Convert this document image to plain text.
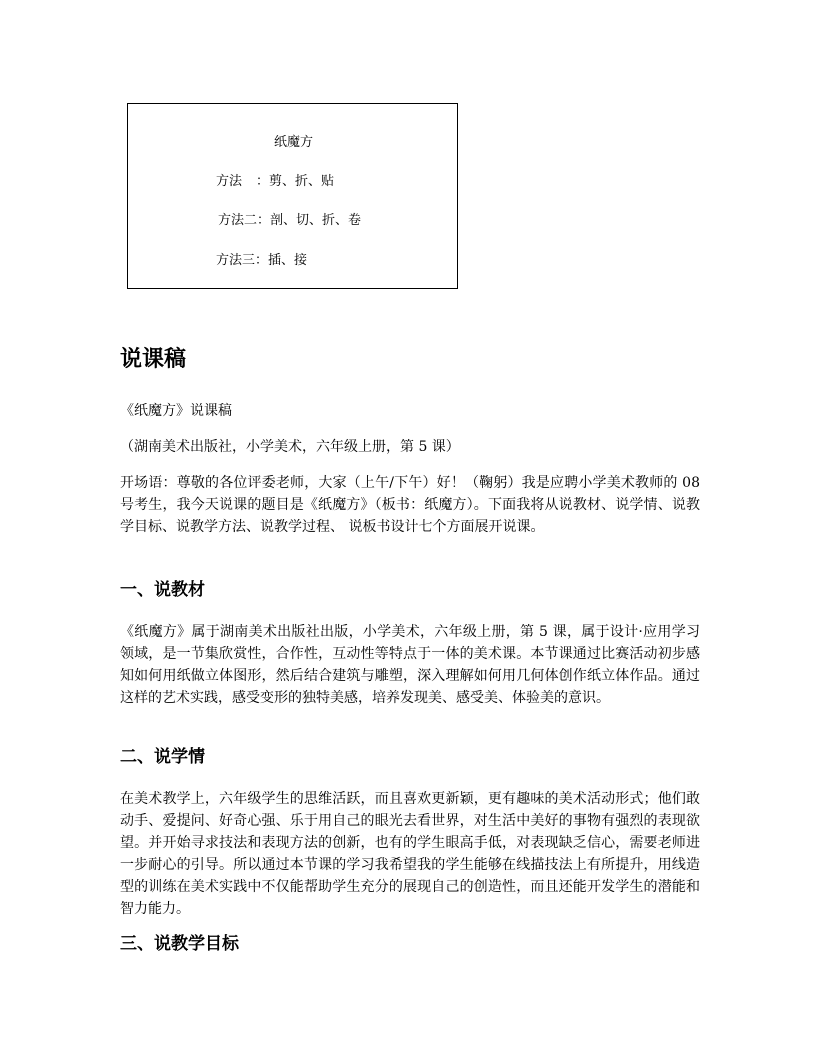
纸魔方
方法 ：剪、折、贴
方法二：剖、切、折、卷
方法三：插、接
说课稿

《纸魔方》说课稿

（湖南美术出版社，小学美术，六年级上册，第 5 课）

开场语：尊敬的各位评委老师，大家（上午/下午）好！（鞠躬）我是应聘小学美术教师的 08 号考生，我今天说课的题目是《纸魔方》（板书：纸魔方）。下面我将从说教材、说学情、说教学目标、说教学方法、说教学过程、 说板书设计七个方面展开说课。

一、说教材

《纸魔方》属于湖南美术出版社出版，小学美术，六年级上册，第 5 课，属于设计·应用学习领域，是一节集欣赏性，合作性，互动性等特点于一体的美术课。本节课通过比赛活动初步感知如何用纸做立体图形，然后结合建筑与雕塑，深入理解如何用几何体创作纸立体作品。通过这样的艺术实践，感受变形的独特美感，培养发现美、感受美、体验美的意识。

二、说学情

在美术教学上，六年级学生的思维活跃，而且喜欢更新颖，更有趣味的美术活动形式；他们敢动手、爱提问、好奇心强、乐于用自己的眼光去看世界，对生活中美好的事物有强烈的表现欲望。并开始寻求技法和表现方法的创新，也有的学生眼高手低，对表现缺乏信心，需要老师进一步耐心的引导。所以通过本节课的学习我希望我的学生能够在线描技法上有所提升，用线造型的训练在美术实践中不仅能帮助学生充分的展现自己的创造性，而且还能开发学生的潜能和智力能力。

三、说教学目标
